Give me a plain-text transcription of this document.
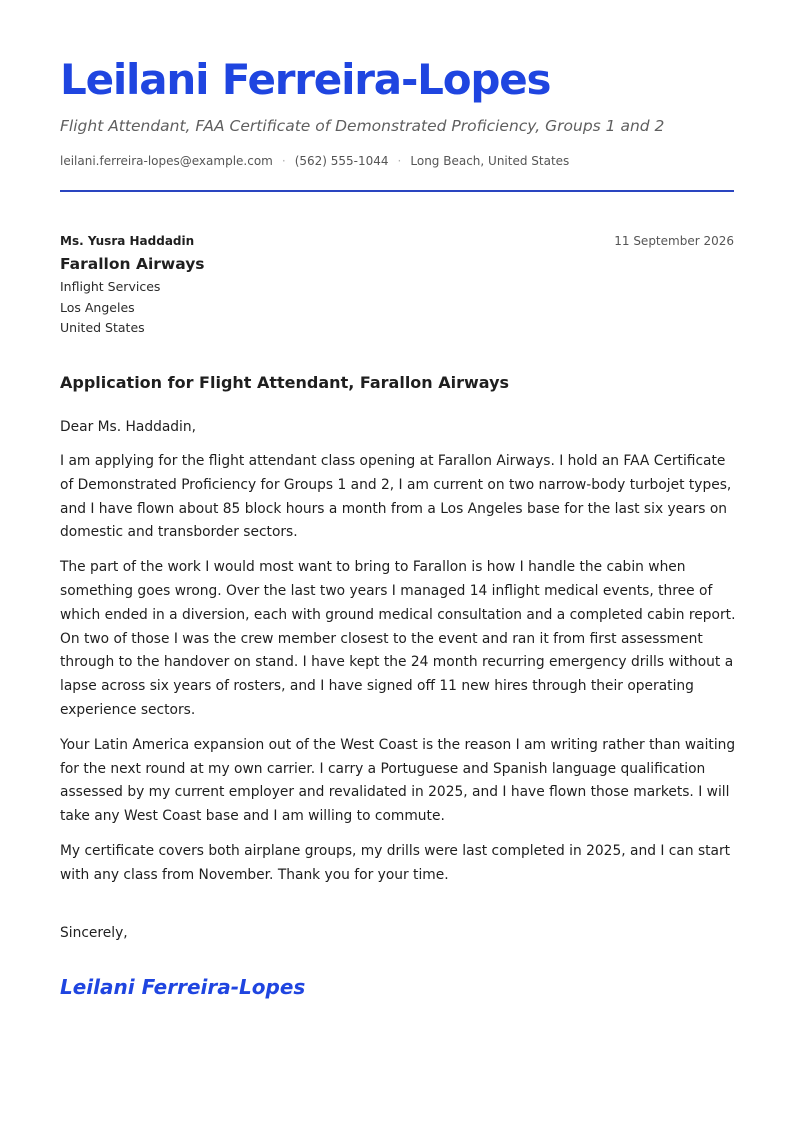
Leilani Ferreira-Lopes
Flight Attendant, FAA Certificate of Demonstrated Proficiency, Groups 1 and 2
leilani.ferreira-lopes@example.com · (562) 555-1044 · Long Beach, United States
Ms. Yusra Haddadin	11 September 2026
Farallon Airways
Inflight Services
Los Angeles
United States
Application for Flight Attendant, Farallon Airways
Dear Ms. Haddadin,

I am applying for the flight attendant class opening at Farallon Airways. I hold an FAA Certificate of Demonstrated Proficiency for Groups 1 and 2, I am current on two narrow-body turbojet types, and I have flown about 85 block hours a month from a Los Angeles base for the last six years on domestic and transborder sectors.

The part of the work I would most want to bring to Farallon is how I handle the cabin when something goes wrong. Over the last two years I managed 14 inflight medical events, three of which ended in a diversion, each with ground medical consultation and a completed cabin report. On two of those I was the crew member closest to the event and ran it from first assessment through to the handover on stand. I have kept the 24 month recurring emergency drills without a lapse across six years of rosters, and I have signed off 11 new hires through their operating experience sectors.

Your Latin America expansion out of the West Coast is the reason I am writing rather than waiting for the next round at my own carrier. I carry a Portuguese and Spanish language qualification assessed by my current employer and revalidated in 2025, and I have flown those markets. I will take any West Coast base and I am willing to commute.

My certificate covers both airplane groups, my drills were last completed in 2025, and I can start with any class from November. Thank you for your time.

Sincerely,
Leilani Ferreira-Lopes
